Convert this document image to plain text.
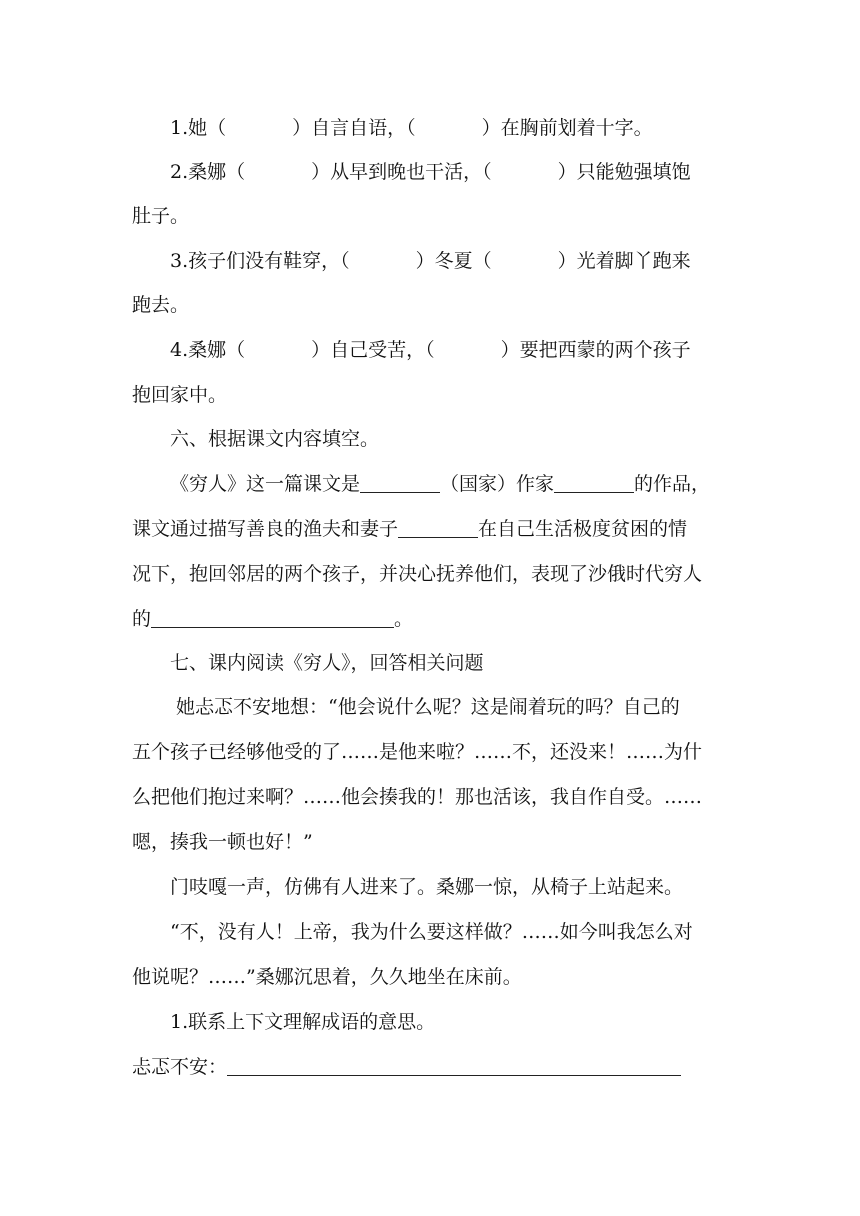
1.她（	）自言自语，（	）在胸前划着十字。
2.桑娜（	）从早到晚也干活，（	）只能勉强填饱
肚子。
3.孩子们没有鞋穿，（	）冬夏（	）光着脚丫跑来
跑去。
4.桑娜（	）自己受苦，（	）要把西蒙的两个孩子
抱回家中。
六、根据课文内容填空。
《穷人》这一篇课文是	（国家）作家	的作品，
课文通过描写善良的渔夫和妻子	在自己生活极度贫困的情
况下，抱回邻居的两个孩子，并决心抚养他们，表现了沙俄时代穷人
的	。
七、课内阅读《穷人》，回答相关问题
她忐忑不安地想：“他会说什么呢？这是闹着玩的吗？自己的
五个孩子已经够他受的了……是他来啦？……不，还没来！……为什
么把他们抱过来啊？……他会揍我的！那也活该，我自作自受。……
嗯，揍我一顿也好！”
门吱嘎一声，仿佛有人进来了。桑娜一惊，从椅子上站起来。
“不，没有人！上帝，我为什么要这样做？……如今叫我怎么对
他说呢？……”桑娜沉思着，久久地坐在床前。
1.联系上下文理解成语的意思。
忐忑不安：
